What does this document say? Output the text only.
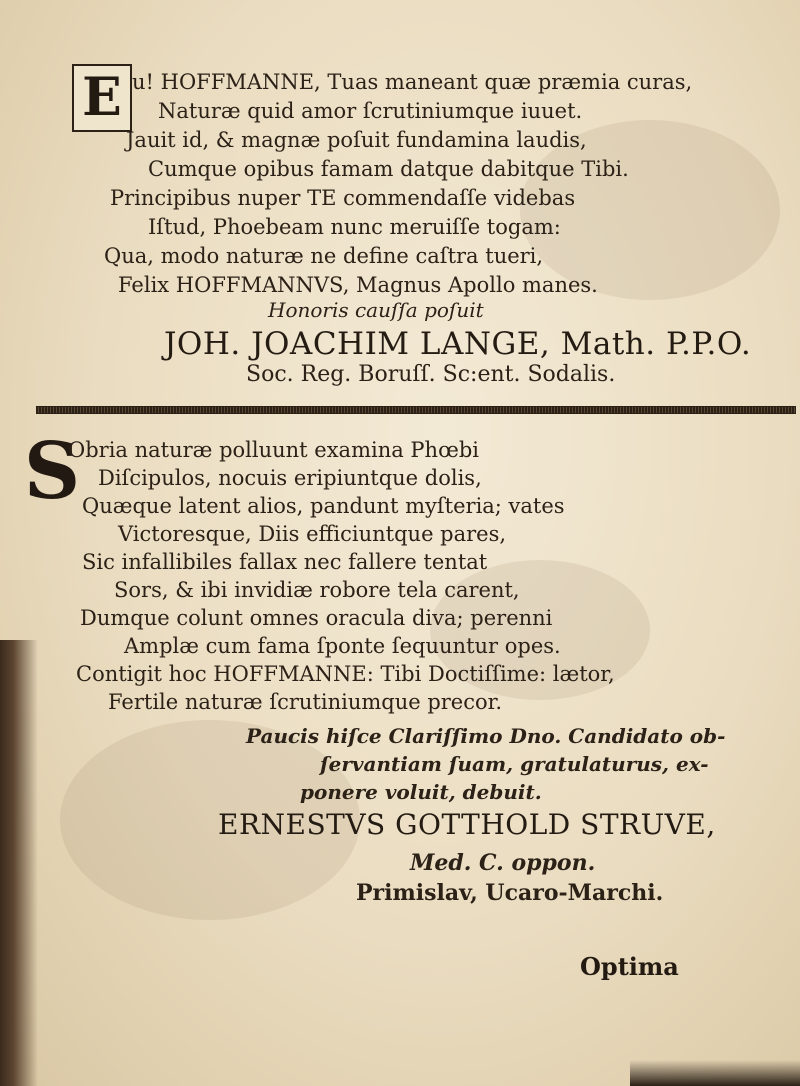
E u! HOFFMANNE, Tuas maneant quæ præmia curas,
Naturæ quid amor ſcrutiniumque iuuet.
Jauit id, & magnæ poſuit fundamina laudis,
Cumque opibus famam datque dabitque Tibi.
Principibus nuper TE commendaſſe videbas
Iſtud, Phoebeam nunc meruiſſe togam:
Qua, modo naturæ ne define caſtra tueri,
Felix HOFFMANNVS, Magnus Apollo manes.
Honoris cauſſa poſuit
JOH. JOACHIM LANGE, Math. P.P.O.
Soc. Reg. Boruſſ. Sc:ent. Sodalis.
S
Obria naturæ polluunt examina Phœbi
Diſcipulos, nocuis eripiuntque dolis,
Quæque latent alios, pandunt myſteria; vates
Victoresque, Diis efficiuntque pares,
Sic infallibiles fallax nec fallere tentat
Sors, & ibi invidiæ robore tela carent,
Dumque colunt omnes oracula diva; perenni
Amplæ cum fama ſponte ſequuntur opes.
Contigit hoc HOFFMANNE: Tibi Doctiſſime: lætor,
Fertile naturæ ſcrutiniumque precor.
Paucis hiſce Clariſſimo Dno. Candidato ob-
ſervantiam ſuam, gratulaturus, ex-
ponere voluit, debuit.
ERNESTVS GOTTHOLD STRUVE,
Med. C. oppon.
Primislav, Ucaro-Marchi.
Optima
